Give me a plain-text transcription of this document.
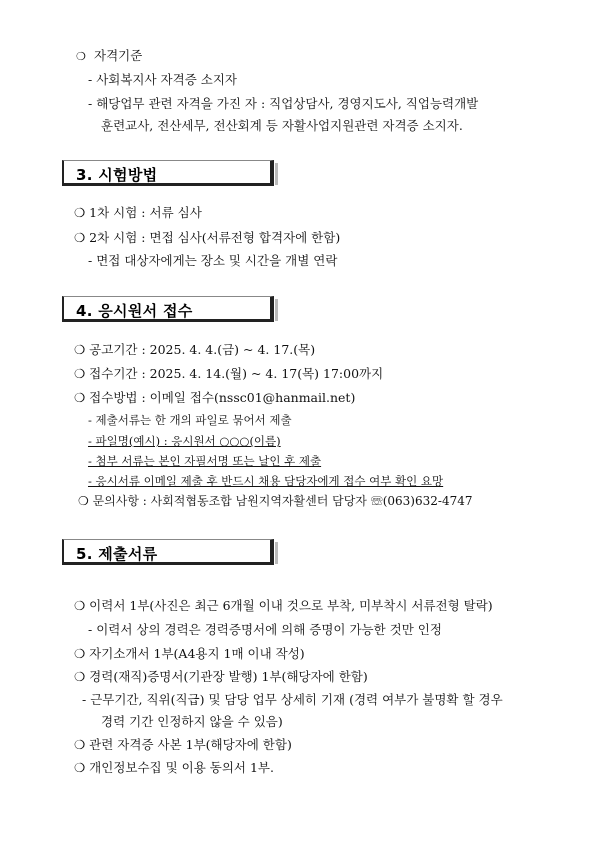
❍ 자격기준
- 사회복지사 자격증 소지자
- 해당업무 관련 자격을 가진 자 : 직업상담사, 경영지도사, 직업능력개발
훈련교사, 전산세무, 전산회계 등 자활사업지원관련 자격증 소지자.
3. 시험방법
❍ 1차 시험 : 서류 심사
❍ 2차 시험 : 면접 심사(서류전형 합격자에 한함)
- 면접 대상자에게는 장소 및 시간을 개별 연락
4. 응시원서 접수
❍ 공고기간 : 2025. 4. 4.(금) ~ 4. 17.(목)
❍ 접수기간 : 2025. 4. 14.(월) ~ 4. 17(목) 17:00까지
❍ 접수방법 : 이메일 접수(nssc01@hanmail.net)
- 제출서류는 한 개의 파일로 묶어서 제출
- 파일명(예시) : 응시원서 ○○○(이름)
- 첨부 서류는 본인 자필서명 또는 날인 후 제출
- 응시서류 이메일 제출 후 반드시 채용 담당자에게 접수 여부 확인 요망
❍ 문의사항 : 사회적협동조합 남원지역자활센터 담당자 ☏(063)632-4747
5. 제출서류
❍ 이력서 1부(사진은 최근 6개월 이내 것으로 부착, 미부착시 서류전형 탈락)
- 이력서 상의 경력은 경력증명서에 의해 증명이 가능한 것만 인정
❍ 자기소개서 1부(A4용지 1매 이내 작성)
❍ 경력(재직)증명서(기관장 발행) 1부(해당자에 한함)
- 근무기간, 직위(직급) 및 담당 업무 상세히 기재 (경력 여부가 불명확 할 경우
경력 기간 인정하지 않을 수 있음)
❍ 관련 자격증 사본 1부(해당자에 한함)
❍ 개인정보수집 및 이용 동의서 1부.
